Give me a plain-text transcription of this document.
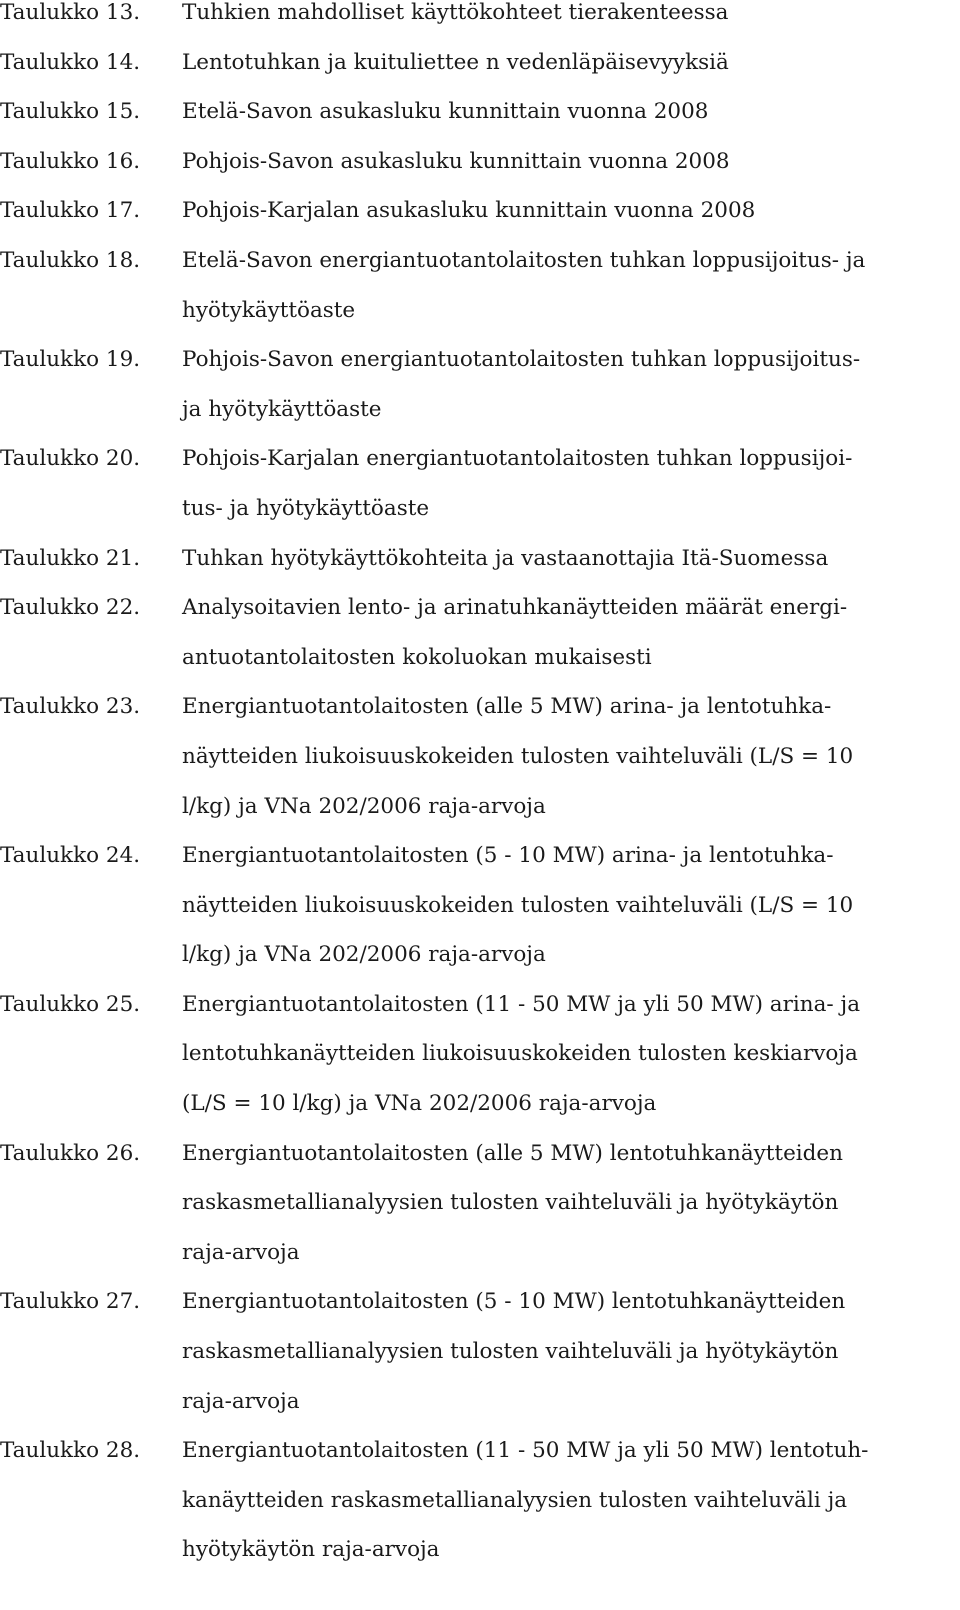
Taulukko 13.	Tuhkien mahdolliset käyttökohteet tierakenteessa
Taulukko 14.	Lentotuhkan ja kuituliettee n vedenläpäisevyyksiä
Taulukko 15.	Etelä-Savon asukasluku kunnittain vuonna 2008
Taulukko 16.	Pohjois-Savon asukasluku kunnittain vuonna 2008
Taulukko 17.	Pohjois-Karjalan asukasluku kunnittain vuonna 2008
Taulukko 18.	Etelä-Savon energiantuotantolaitosten tuhkan loppusijoitus- ja
hyötykäyttöaste
Taulukko 19.	Pohjois-Savon energiantuotantolaitosten tuhkan loppusijoitus-
ja hyötykäyttöaste
Taulukko 20.	Pohjois-Karjalan energiantuotantolaitosten tuhkan loppusijoi-
tus- ja hyötykäyttöaste
Taulukko 21.	Tuhkan hyötykäyttökohteita ja vastaanottajia Itä-Suomessa
Taulukko 22.	Analysoitavien lento- ja arinatuhkanäytteiden määrät energi-
antuotantolaitosten kokoluokan mukaisesti
Taulukko 23.	Energiantuotantolaitosten (alle 5 MW) arina- ja lentotuhka-
näytteiden liukoisuuskokeiden tulosten vaihteluväli (L/S = 10
l/kg) ja VNa 202/2006 raja-arvoja
Taulukko 24.	Energiantuotantolaitosten (5 - 10 MW) arina- ja lentotuhka-
näytteiden liukoisuuskokeiden tulosten vaihteluväli (L/S = 10
l/kg) ja VNa 202/2006 raja-arvoja
Taulukko 25.	Energiantuotantolaitosten (11 - 50 MW ja yli 50 MW) arina- ja
lentotuhkanäytteiden liukoisuuskokeiden tulosten keskiarvoja
(L/S = 10 l/kg) ja VNa 202/2006 raja-arvoja
Taulukko 26.	Energiantuotantolaitosten (alle 5 MW) lentotuhkanäytteiden
raskasmetallianalyysien tulosten vaihteluväli ja hyötykäytön
raja-arvoja
Taulukko 27.	Energiantuotantolaitosten (5 - 10 MW) lentotuhkanäytteiden
raskasmetallianalyysien tulosten vaihteluväli ja hyötykäytön
raja-arvoja
Taulukko 28.	Energiantuotantolaitosten (11 - 50 MW ja yli 50 MW) lentotuh-
kanäytteiden raskasmetallianalyysien tulosten vaihteluväli ja
hyötykäytön raja-arvoja
